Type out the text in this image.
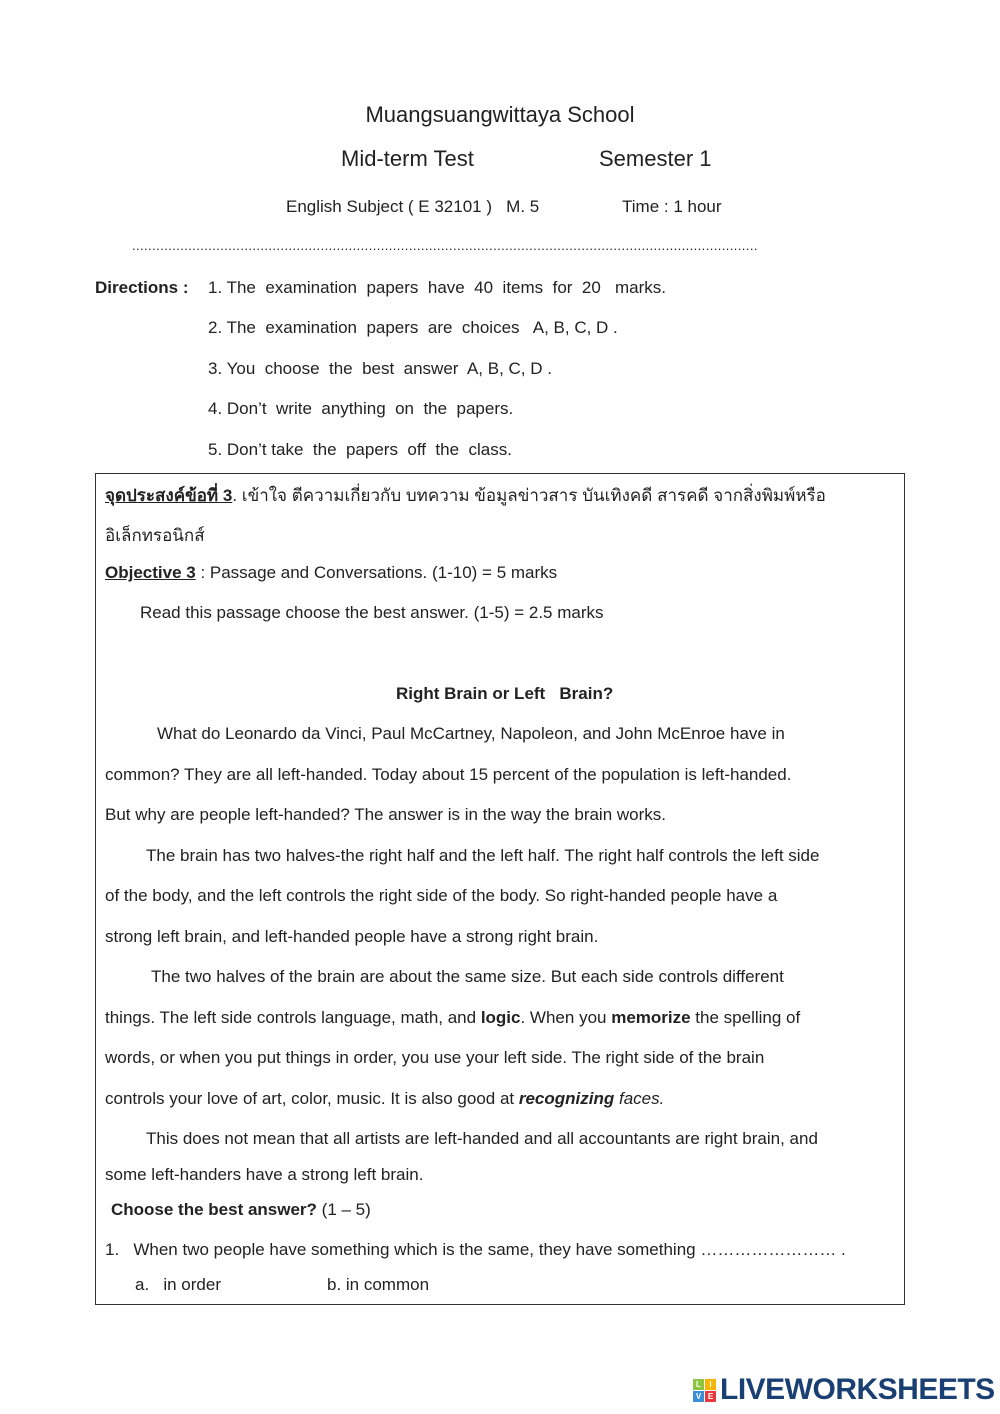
Muangsuangwittaya School
Mid-term Test	Semester 1
English Subject ( E 32101 )   M. 5	Time : 1 hour
............................................................................................................................................................
Directions : 1. The  examination  papers  have  40  items  for  20   marks.
2. The  examination  papers  are  choices   A, B, C, D .
3. You  choose  the  best  answer  A, B, C, D .
4. Don’t  write  anything  on  the  papers.
5. Don’t take  the  papers  off  the  class.
จุดประสงค์ข้อที่ 3. เข้าใจ ตีความเกี่ยวกับ บทความ ข้อมูลข่าวสาร บันเทิงคดี สารคดี จากสิ่งพิมพ์หรือ
อิเล็กทรอนิกส์
Objective 3 : Passage and Conversations. (1-10) = 5 marks
Read this passage choose the best answer. (1-5) = 2.5 marks
Right Brain or Left   Brain?
What do Leonardo da Vinci, Paul McCartney, Napoleon, and John McEnroe have in
common? They are all left-handed. Today about 15 percent of the population is left-handed.
But why are people left-handed? The answer is in the way the brain works.
The brain has two halves-the right half and the left half. The right half controls the left side
of the body, and the left controls the right side of the body. So right-handed people have a
strong left brain, and left-handed people have a strong right brain.
The two halves of the brain are about the same size. But each side controls different
things. The left side controls language, math, and logic. When you memorize the spelling of
words, or when you put things in order, you use your left side. The right side of the brain
controls your love of art, color, music. It is also good at recognizing faces.
This does not mean that all artists are left-handed and all accountants are right brain, and
some left-handers have a strong left brain.
Choose the best answer? (1 – 5)
1.   When two people have something which is the same, they have something …………………… .
a.   in order	b. in common
L	I
V E LIVEWORKSHEETS
